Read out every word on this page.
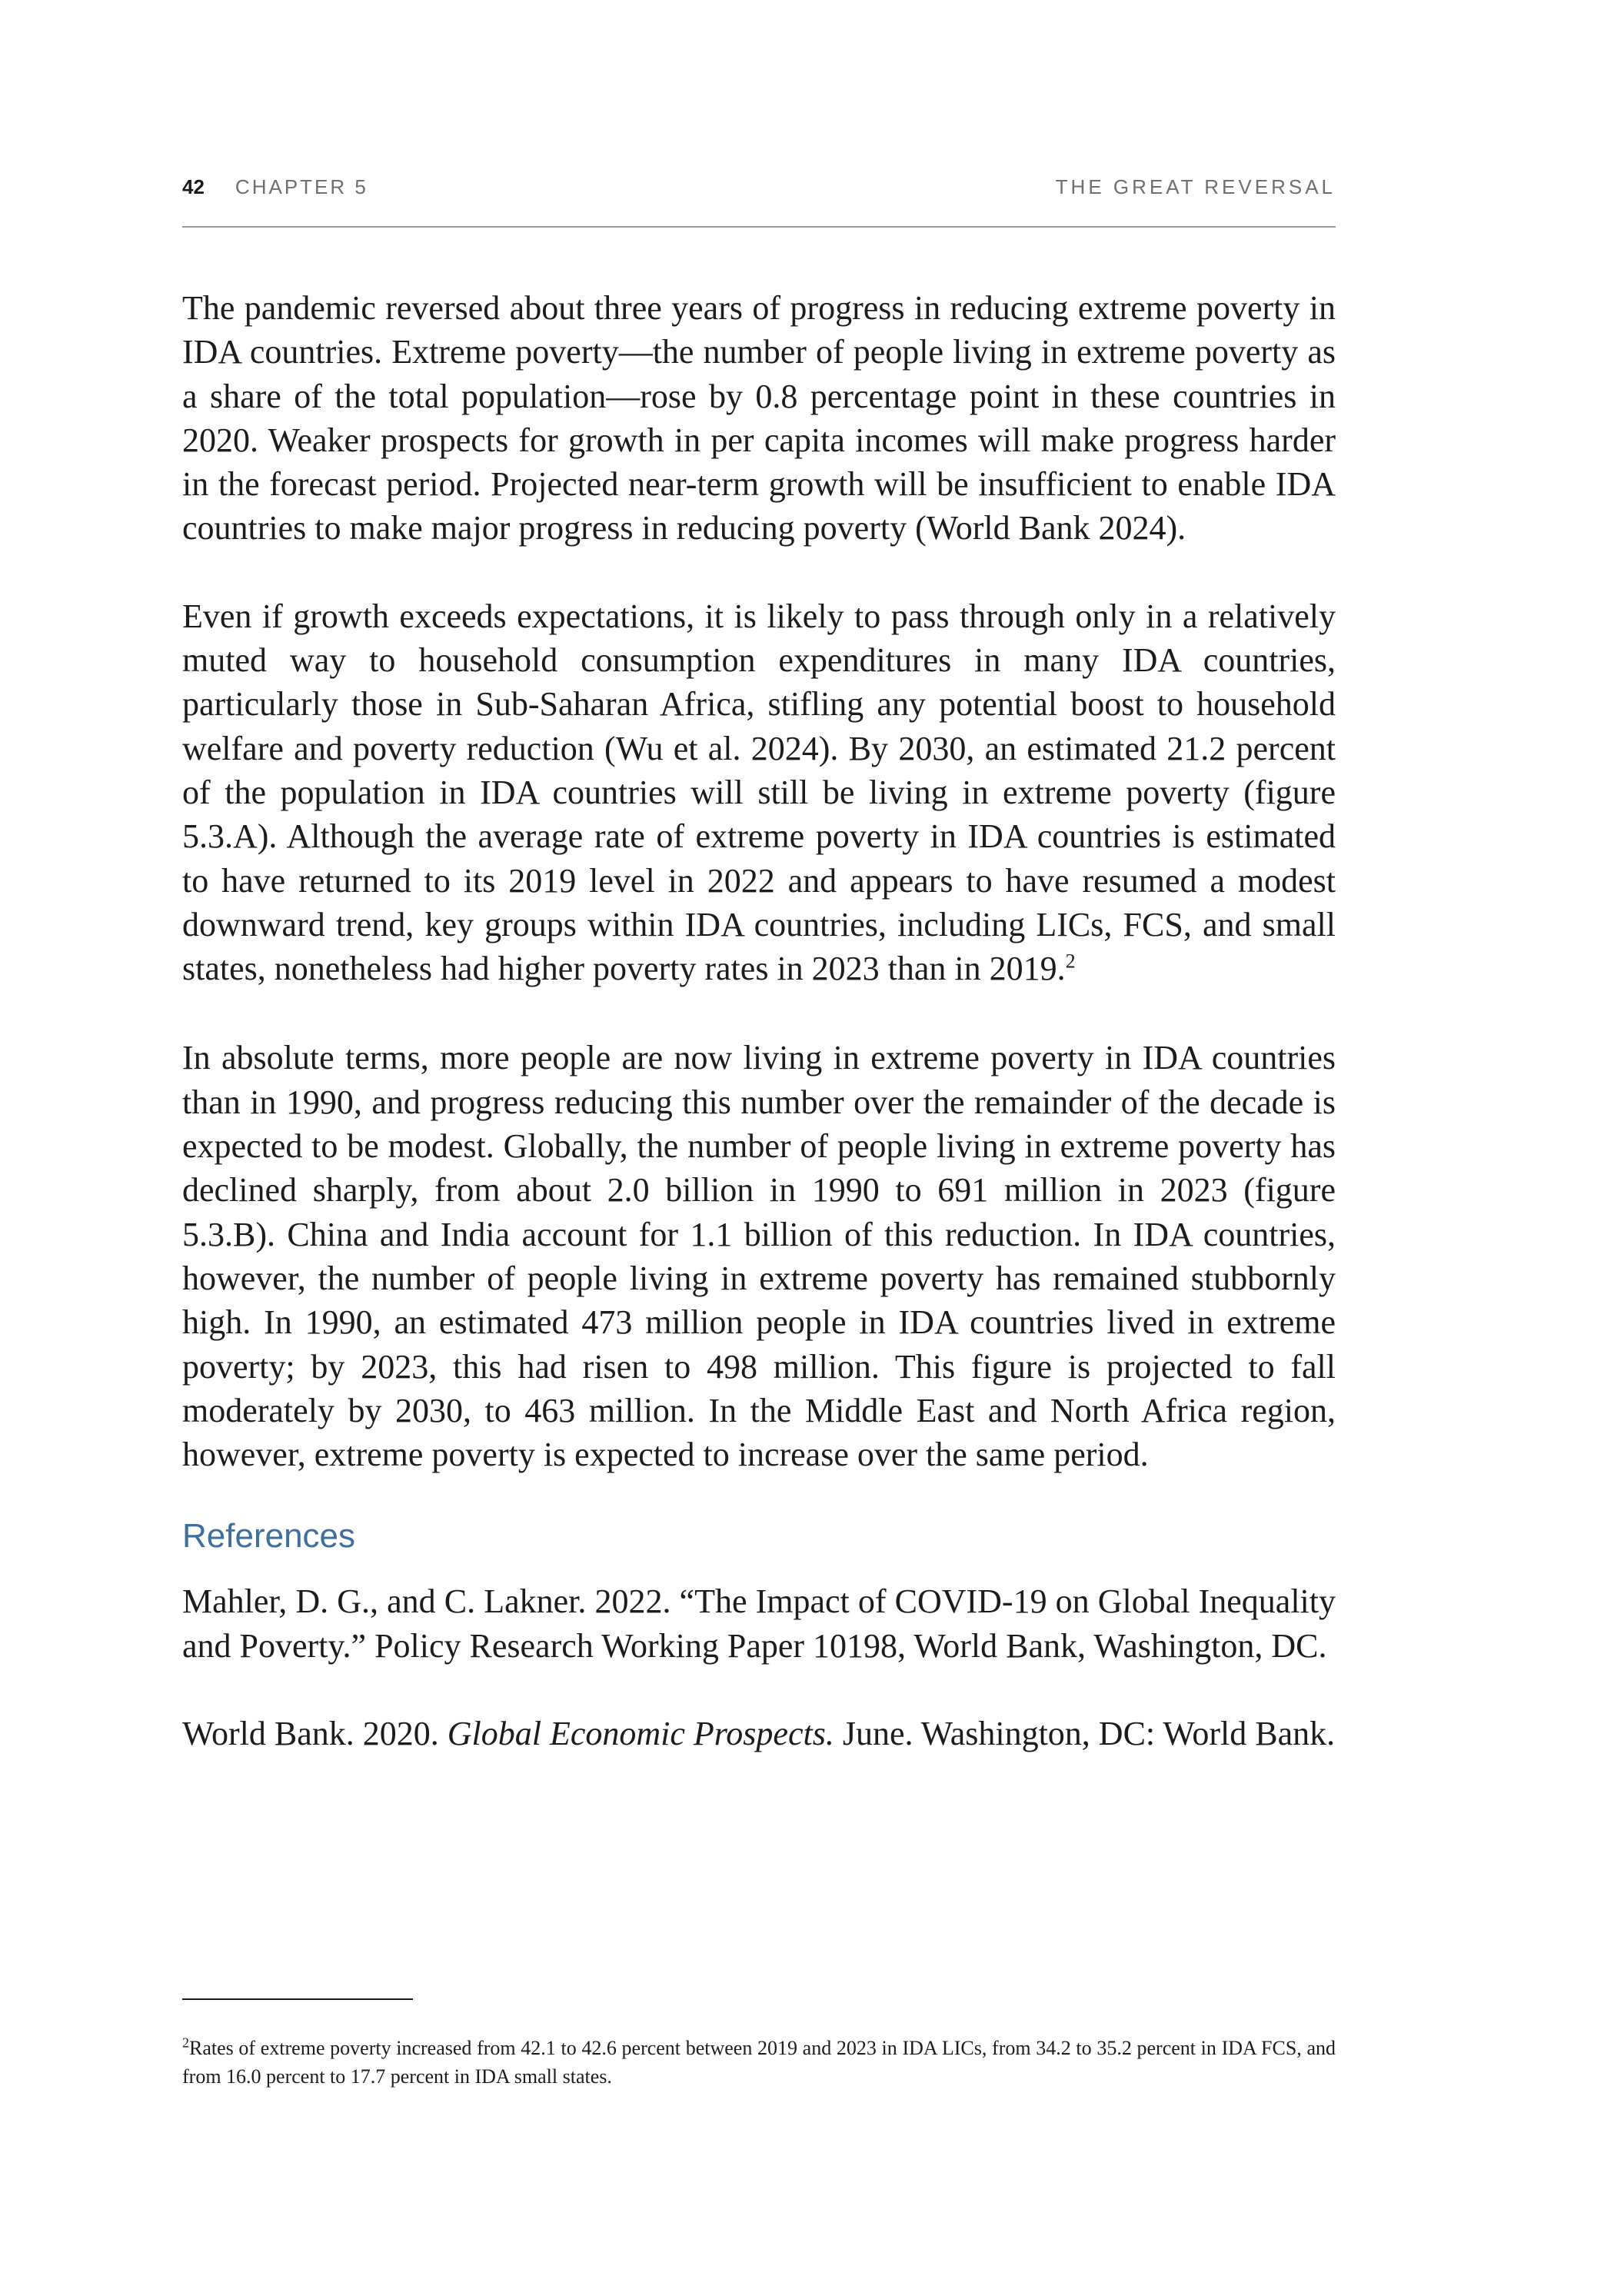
42 CHAPTER 5	THE GREAT REVERSAL

The pandemic reversed about three years of progress in reducing extreme poverty in IDA countries. Extreme poverty—the number of people living in extreme poverty as a share of the total population—rose by 0.8 percentage point in these countries in 2020. Weaker prospects for growth in per capita incomes will make progress harder in the forecast period. Projected near-term growth will be insufficient to enable IDA countries to make major progress in reducing poverty (World Bank 2024).

Even if growth exceeds expectations, it is likely to pass through only in a relatively muted way to household consumption expenditures in many IDA countries, particularly those in Sub-Saharan Africa, stifling any potential boost to household welfare and poverty reduction (Wu et al. 2024). By 2030, an estimated 21.2 percent of the population in IDA countries will still be living in extreme poverty (figure 5.3.A). Although the average rate of extreme poverty in IDA countries is estimated to have returned to its 2019 level in 2022 and appears to have resumed a modest downward trend, key groups within IDA countries, including LICs, FCS, and small states, nonetheless had higher poverty rates in 2023 than in 2019.$^2$

In absolute terms, more people are now living in extreme poverty in IDA countries than in 1990, and progress reducing this number over the remainder of the decade is expected to be modest. Globally, the number of people living in extreme poverty has declined sharply, from about 2.0 billion in 1990 to 691 million in 2023 (figure 5.3.B). China and India account for 1.1 billion of this reduction. In IDA countries, however, the number of people living in extreme poverty has remained stubbornly high. In 1990, an estimated 473 million people in IDA countries lived in extreme poverty; by 2023, this had risen to 498 million. This figure is projected to fall moderately by 2030, to 463 million. In the Middle East and North Africa region, however, extreme poverty is expected to increase over the same period.

References

Mahler, D. G., and C. Lakner. 2022. “The Impact of COVID-19 on Global Inequality and Poverty.” Policy Research Working Paper 10198, World Bank, Washington, DC.

World Bank. 2020. Global Economic Prospects. June. Washington, DC: World Bank.

$^2$Rates of extreme poverty increased from 42.1 to 42.6 percent between 2019 and 2023 in IDA LICs, from 34.2 to 35.2 percent in IDA FCS, and from 16.0 percent to 17.7 percent in IDA small states.
